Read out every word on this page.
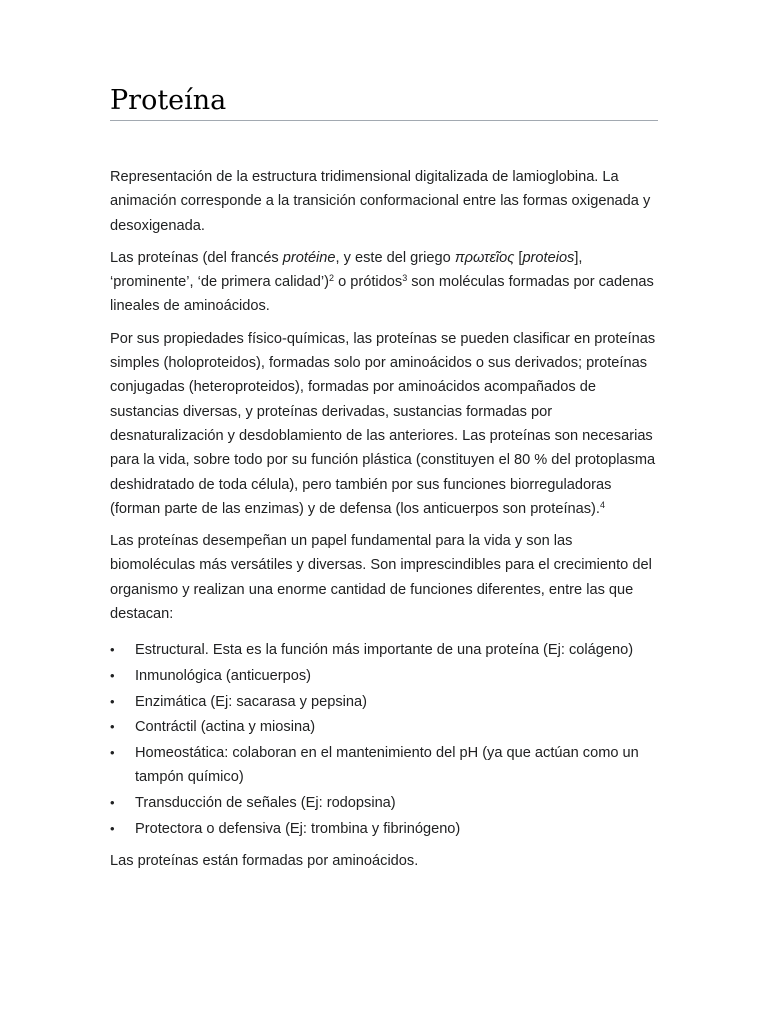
Proteína

Representación de la estructura tridimensional digitalizada de lamioglobina. La animación corresponde a la transición conformacional entre las formas oxigenada y desoxigenada.

Las proteínas (del francés protéine, y este del griego πρωτεῖος [proteios], ‘prominente’, ‘de primera calidad’)$^2$ o prótidos$^3$ son moléculas formadas por cadenas lineales de aminoácidos.

Por sus propiedades físico-químicas, las proteínas se pueden clasificar en proteínas simples (holoproteidos), formadas solo por aminoácidos o sus derivados; proteínas conjugadas (heteroproteidos), formadas por aminoácidos acompañados de sustancias diversas, y proteínas derivadas, sustancias formadas por desnaturalización y desdoblamiento de las anteriores. Las proteínas son necesarias para la vida, sobre todo por su función plástica (constituyen el 80 % del protoplasma deshidratado de toda célula), pero también por sus funciones biorreguladoras (forman parte de las enzimas) y de defensa (los anticuerpos son proteínas).$^4$

Las proteínas desempeñan un papel fundamental para la vida y son las biomoléculas más versátiles y diversas. Son imprescindibles para el crecimiento del organismo y realizan una enorme cantidad de funciones diferentes, entre las que destacan:

• Estructural. Esta es la función más importante de una proteína (Ej: colágeno)
• Inmunológica (anticuerpos)
• Enzimática (Ej: sacarasa y pepsina)
• Contráctil (actina y miosina)
• Homeostática: colaboran en el mantenimiento del pH (ya que actúan como un tampón químico)
• Transducción de señales (Ej: rodopsina)
• Protectora o defensiva (Ej: trombina y fibrinógeno)

Las proteínas están formadas por aminoácidos.
